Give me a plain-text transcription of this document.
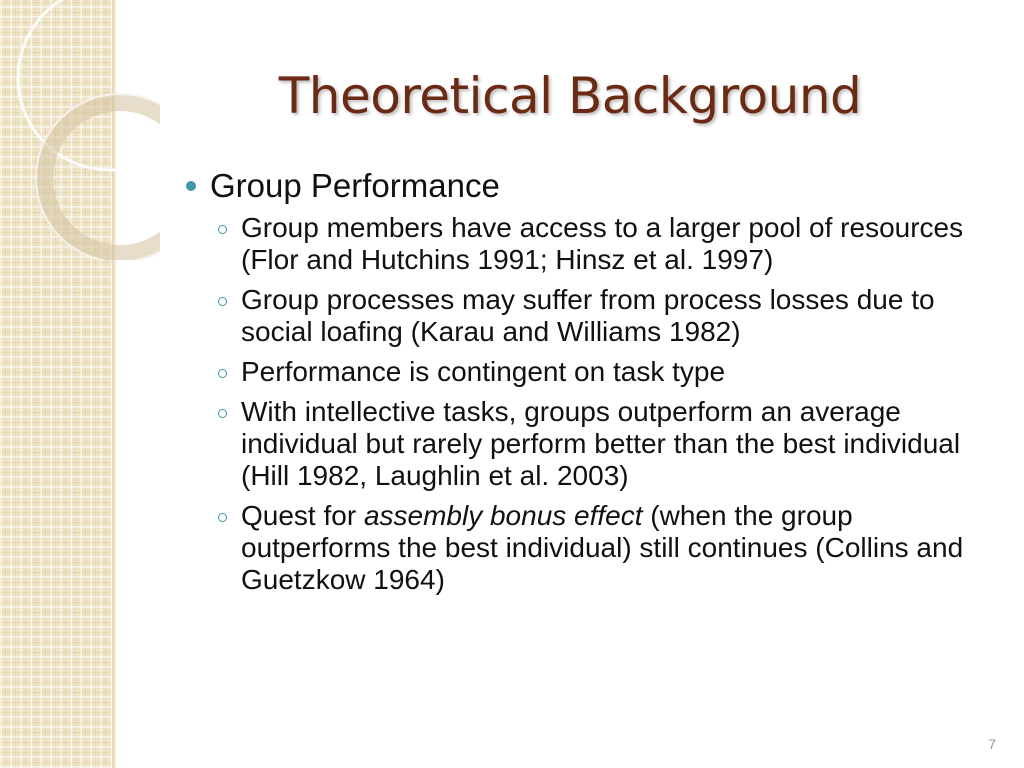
Theoretical Background
Group Performance
Group members have access to a larger pool of resources (Flor and Hutchins 1991; Hinsz et al. 1997)
Group processes may suffer from process losses due to social loafing (Karau and Williams 1982)
Performance is contingent on task type
With intellective tasks, groups outperform an average individual but rarely perform better than the best individual (Hill 1982, Laughlin et al. 2003)
Quest for assembly bonus effect (when the group outperforms the best individual) still continues (Collins and Guetzkow 1964)
7
